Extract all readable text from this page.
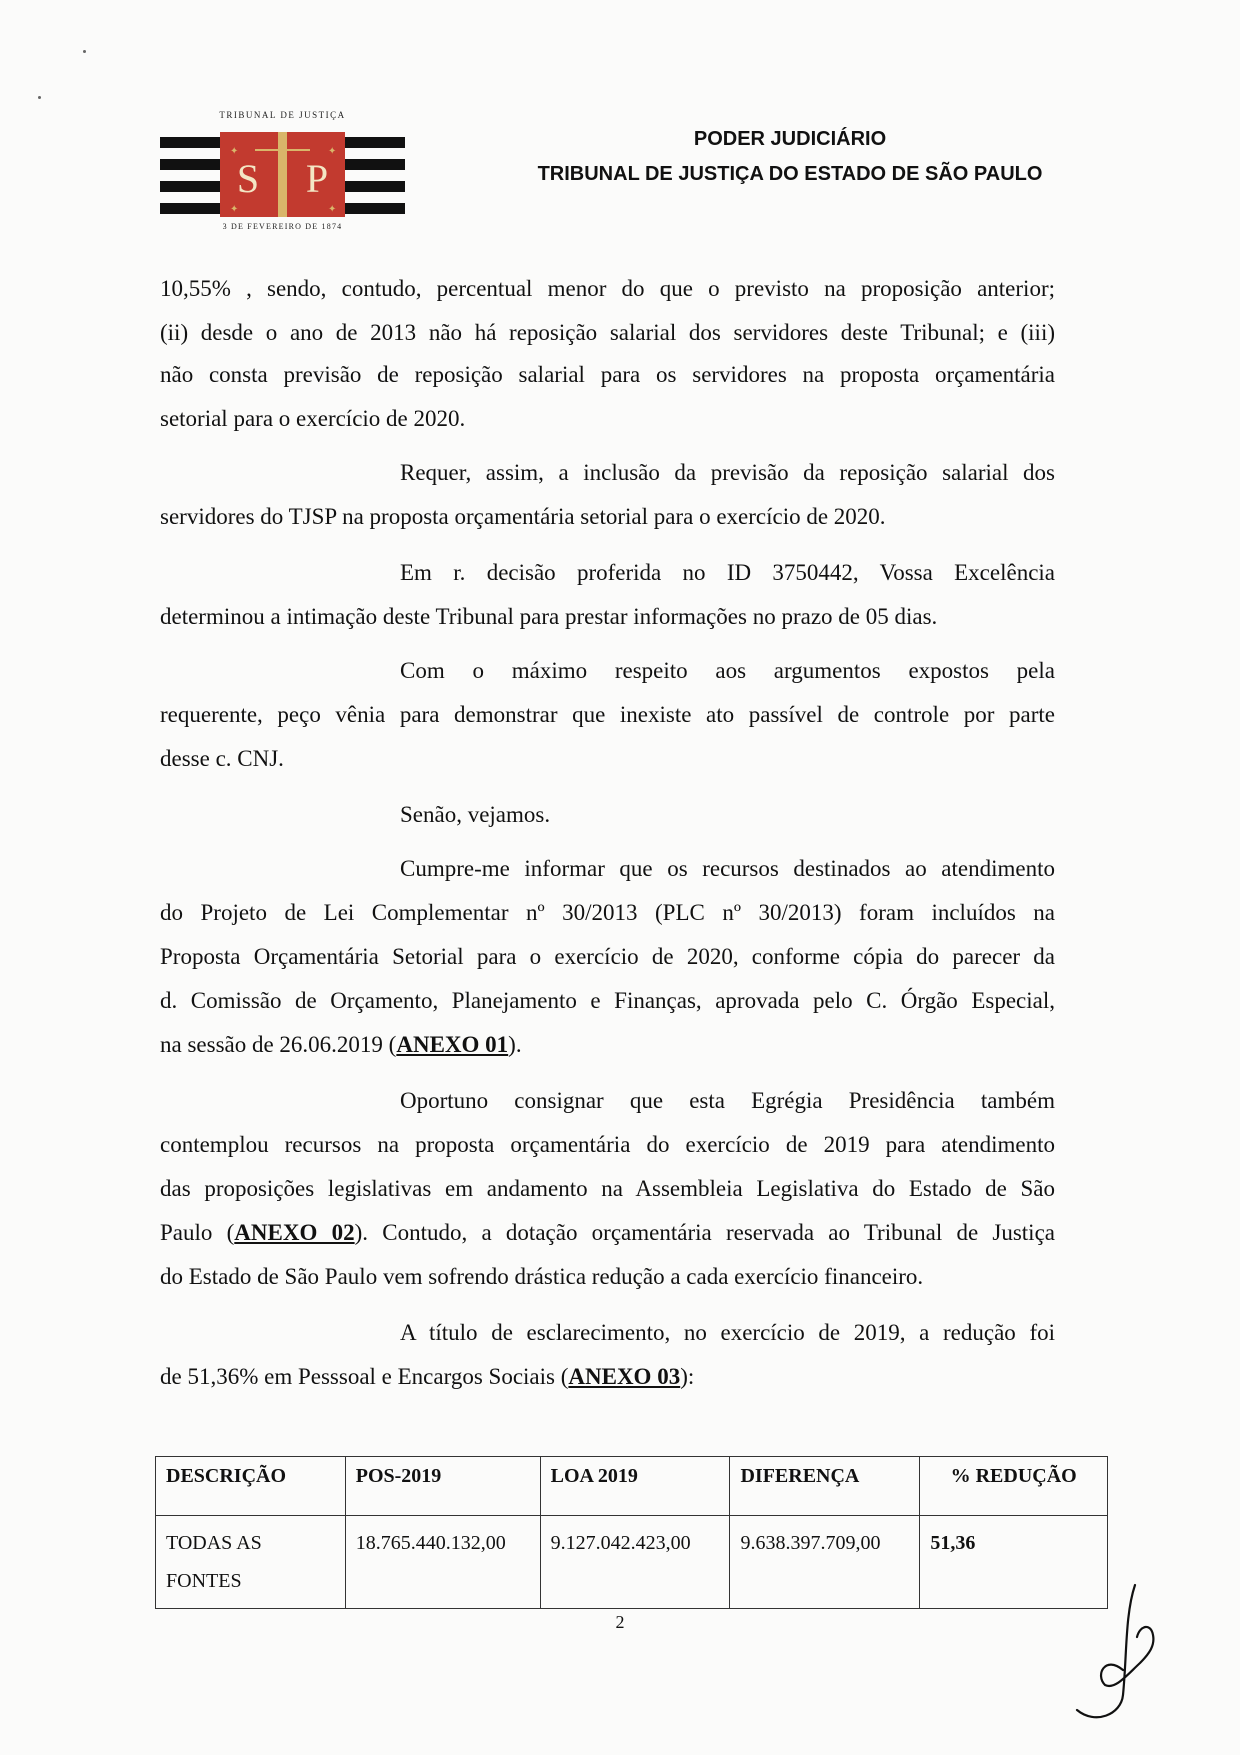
TRIBUNAL DE JUSTIÇA
S P
✦	✦
✦	✦
3 DE FEVEREIRO DE 1874
PODER JUDICIÁRIO
TRIBUNAL DE JUSTIÇA DO ESTADO DE SÃO PAULO
10,55% , sendo, contudo, percentual menor do que o previsto na proposição anterior;
(ii) desde o ano de 2013 não há reposição salarial dos servidores deste Tribunal; e (iii)
não consta previsão de reposição salarial para os servidores na proposta orçamentária
setorial para o exercício de 2020.
Requer, assim, a inclusão da previsão da reposição salarial dos
servidores do TJSP na proposta orçamentária setorial para o exercício de 2020.
Em r. decisão proferida no ID 3750442, Vossa Excelência
determinou a intimação deste Tribunal para prestar informações no prazo de 05 dias.
Com o máximo respeito aos argumentos expostos pela
requerente, peço vênia para demonstrar que inexiste ato passível de controle por parte
desse c. CNJ.
Senão, vejamos.
Cumpre-me informar que os recursos destinados ao atendimento
do Projeto de Lei Complementar nº 30/2013 (PLC nº 30/2013) foram incluídos na
Proposta Orçamentária Setorial para o exercício de 2020, conforme cópia do parecer da
d. Comissão de Orçamento, Planejamento e Finanças, aprovada pelo C. Órgão Especial,
na sessão de 26.06.2019 (ANEXO 01).
Oportuno consignar que esta Egrégia Presidência também
contemplou recursos na proposta orçamentária do exercício de 2019 para atendimento
das proposições legislativas em andamento na Assembleia Legislativa do Estado de São
Paulo (ANEXO 02). Contudo, a dotação orçamentária reservada ao Tribunal de Justiça
do Estado de São Paulo vem sofrendo drástica redução a cada exercício financeiro.
A título de esclarecimento, no exercício de 2019, a redução foi
de 51,36% em Pesssoal e Encargos Sociais (ANEXO 03):
DESCRIÇÃO	POS-2019	LOA 2019	DIFERENÇA	% REDUÇÃO
TODAS AS FONTES	18.765.440.132,00	9.127.042.423,00	9.638.397.709,00	51,36
2
